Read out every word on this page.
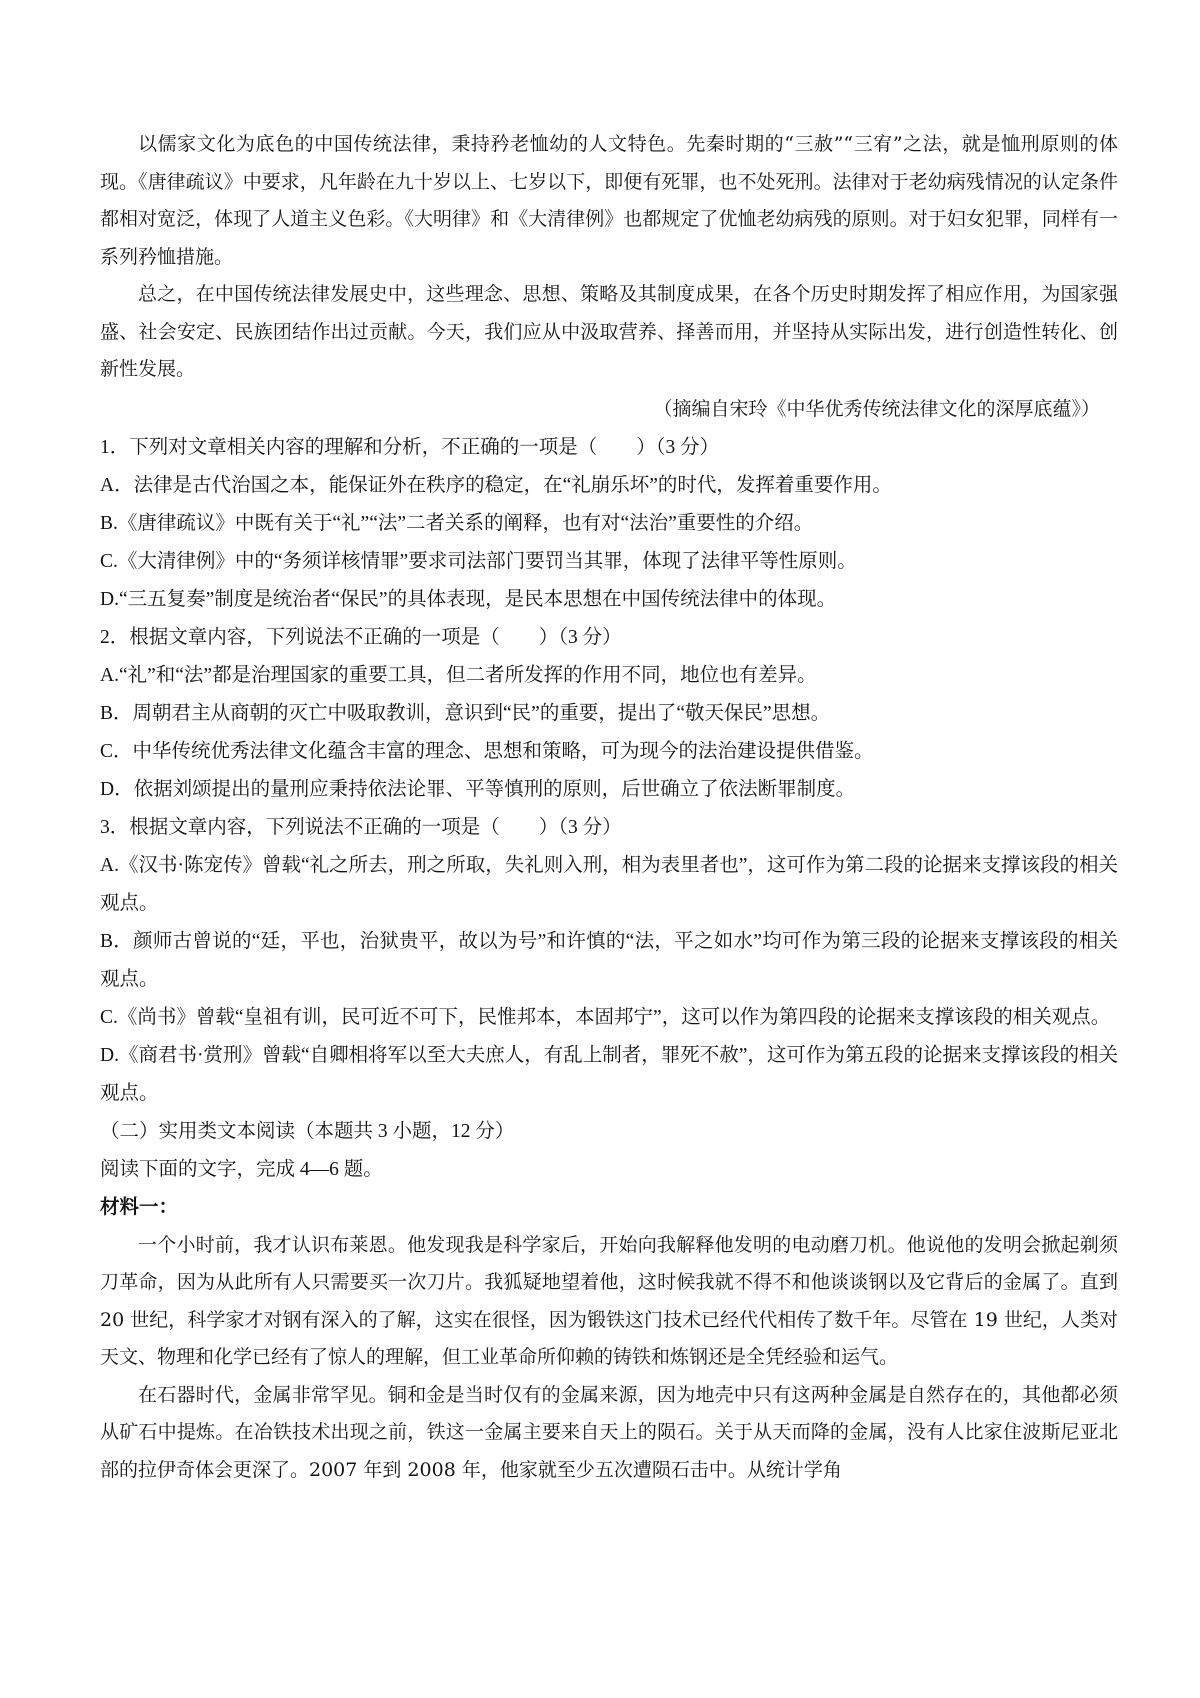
以儒家文化为底色的中国传统法律，秉持矜老恤幼的人文特色。先秦时期的“三赦”“三宥”之法，就是恤刑原则的体现。《唐律疏议》中要求，凡年龄在九十岁以上、七岁以下，即便有死罪，也不处死刑。法律对于老幼病残情况的认定条件都相对宽泛，体现了人道主义色彩。《大明律》和《大清律例》也都规定了优恤老幼病残的原则。对于妇女犯罪，同样有一系列矜恤措施。

总之，在中国传统法律发展史中，这些理念、思想、策略及其制度成果，在各个历史时期发挥了相应作用，为国家强盛、社会安定、民族团结作出过贡献。今天，我们应从中汲取营养、择善而用，并坚持从实际出发，进行创造性转化、创新性发展。

（摘编自宋玲《中华优秀传统法律文化的深厚底蕴》）

1．下列对文章相关内容的理解和分析，不正确的一项是（　　）（3 分）

A．法律是古代治国之本，能保证外在秩序的稳定，在“礼崩乐坏”的时代，发挥着重要作用。

B.《唐律疏议》中既有关于“礼”“法”二者关系的阐释，也有对“法治”重要性的介绍。

C.《大清律例》中的“务须详核情罪”要求司法部门要罚当其罪，体现了法律平等性原则。

D.“三五复奏”制度是统治者“保民”的具体表现，是民本思想在中国传统法律中的体现。

2．根据文章内容，下列说法不正确的一项是（　　）（3 分）

A.“礼”和“法”都是治理国家的重要工具，但二者所发挥的作用不同，地位也有差异。

B．周朝君主从商朝的灭亡中吸取教训，意识到“民”的重要，提出了“敬天保民”思想。

C．中华传统优秀法律文化蕴含丰富的理念、思想和策略，可为现今的法治建设提供借鉴。

D．依据刘颂提出的量刑应秉持依法论罪、平等慎刑的原则，后世确立了依法断罪制度。

3．根据文章内容，下列说法不正确的一项是（　　）（3 分）

A.《汉书·陈宠传》曾载“礼之所去，刑之所取，失礼则入刑，相为表里者也”，这可作为第二段的论据来支撑该段的相关观点。

B．颜师古曾说的“廷，平也，治狱贵平，故以为号”和许慎的“法，平之如水”均可作为第三段的论据来支撑该段的相关观点。

C.《尚书》曾载“皇祖有训，民可近不可下，民惟邦本，本固邦宁”，这可以作为第四段的论据来支撑该段的相关观点。

D.《商君书·赏刑》曾载“自卿相将军以至大夫庶人，有乱上制者，罪死不赦”，这可作为第五段的论据来支撑该段的相关观点。

（二）实用类文本阅读（本题共 3 小题，12 分）

阅读下面的文字，完成 4—6 题。

材料一：

一个小时前，我才认识布莱恩。他发现我是科学家后，开始向我解释他发明的电动磨刀机。他说他的发明会掀起剃须刀革命，因为从此所有人只需要买一次刀片。我狐疑地望着他，这时候我就不得不和他谈谈钢以及它背后的金属了。直到 20 世纪，科学家才对钢有深入的了解，这实在很怪，因为锻铁这门技术已经代代相传了数千年。尽管在 19 世纪，人类对天文、物理和化学已经有了惊人的理解，但工业革命所仰赖的铸铁和炼钢还是全凭经验和运气。

在石器时代，金属非常罕见。铜和金是当时仅有的金属来源，因为地壳中只有这两种金属是自然存在的，其他都必须从矿石中提炼。在冶铁技术出现之前，铁这一金属主要来自天上的陨石。关于从天而降的金属，没有人比家住波斯尼亚北部的拉伊奇体会更深了。2007 年到 2008 年，他家就至少五次遭陨石击中。从统计学角
